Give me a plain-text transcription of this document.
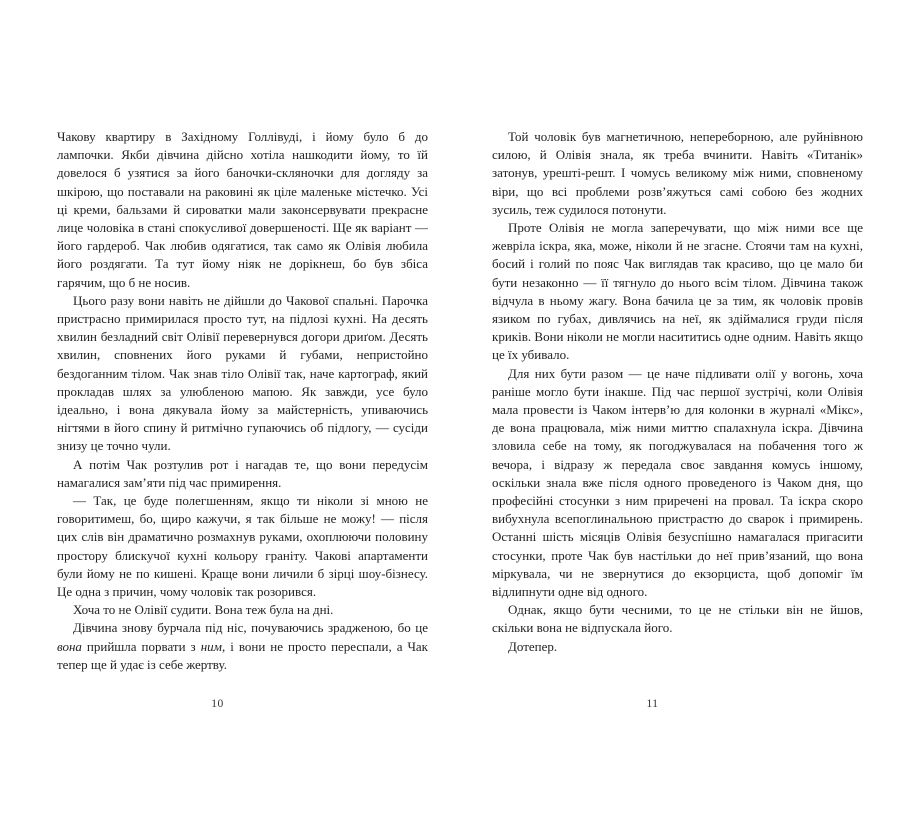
Чакову квартиру в Західному Голлівуді, і йому було б до лампочки. Якби дівчина дійсно хотіла нашкодити йому, то їй довелося б узятися за його баночки-скляночки для догляду за шкірою, що поставали на раковині як ціле маленьке містечко. Усі ці креми, бальзами й сироватки мали законсервувати прекрасне лице чоловіка в стані спокусливої довершеності. Ще як варіант — його гардероб. Чак любив одягатися, так само як Олівія любила його роздягати. Та тут йому ніяк не дорікнеш, бо був збіса гарячим, що б не носив.

Цього разу вони навіть не дійшли до Чакової спальні. Парочка пристрасно примирилася просто тут, на підлозі кухні. На десять хвилин безладний світ Олівії перевернувся догори дриґом. Десять хвилин, сповнених його руками й губами, непристойно бездоганним тілом. Чак знав тіло Олівії так, наче картограф, який прокладав шлях за улюбленою мапою. Як завжди, усе було ідеально, і вона дякувала йому за майстерність, упиваючись нігтями в його спину й ритмічно гупаючись об підлогу, — сусіди знизу це точно чули.

А потім Чак розтулив рот і нагадав те, що вони передусім намагалися зам’яти під час примирення.

— Так, це буде полегшенням, якщо ти ніколи зі мною не говоритимеш, бо, щиро кажучи, я так більше не можу! — після цих слів він драматично розмахнув руками, охоплюючи половину простору блискучої кухні кольору граніту. Чакові апартаменти були йому не по кишені. Краще вони личили б зірці шоу-бізнесу. Це одна з причин, чому чоловік так розорився.

Хоча то не Олівії судити. Вона теж була на дні.

Дівчина знову бурчала під ніс, почуваючись зрадженою, бо це вона прийшла порвати з ним, і вони не просто переспали, а Чак тепер ще й удає із себе жертву.

10

Той чоловік був магнетичною, непереборною, але руйнівною силою, й Олівія знала, як треба вчинити. Навіть «Титанік» затонув, урешті-решт. І чомусь великому між ними, сповненому віри, що всі проблеми розв’яжуться самі собою без жодних зусиль, теж судилося потонути.

Проте Олівія не могла заперечувати, що між ними все ще жевріла іскра, яка, може, ніколи й не згасне. Стоячи там на кухні, босий і голий по пояс Чак виглядав так красиво, що це мало би бути незаконно — її тягнуло до нього всім тілом. Дівчина також відчула в ньому жагу. Вона бачила це за тим, як чоловік провів язиком по губах, дивлячись на неї, як здіймалися груди після криків. Вони ніколи не могли насититись одне одним. Навіть якщо це їх убивало.

Для них бути разом — це наче підливати олії у вогонь, хоча раніше могло бути інакше. Під час першої зустрічі, коли Олівія мала провести із Чаком інтерв’ю для колонки в журналі «Мікс», де вона працювала, між ними миттю спалахнула іскра. Дівчина зловила себе на тому, як погоджувалася на побачення того ж вечора, і відразу ж передала своє завдання комусь іншому, оскільки знала вже після одного проведеного із Чаком дня, що професійні стосунки з ним приречені на провал. Та іскра скоро вибухнула всепоглинальною пристрастю до сварок і примирень. Останні шість місяців Олівія безуспішно намагалася пригасити стосунки, проте Чак був настільки до неї прив’язаний, що вона міркувала, чи не звернутися до екзорциста, щоб допоміг їм відлипнути одне від одного.

Однак, якщо бути чесними, то це не стільки він не йшов, скільки вона не відпускала його.

Дотепер.

11
